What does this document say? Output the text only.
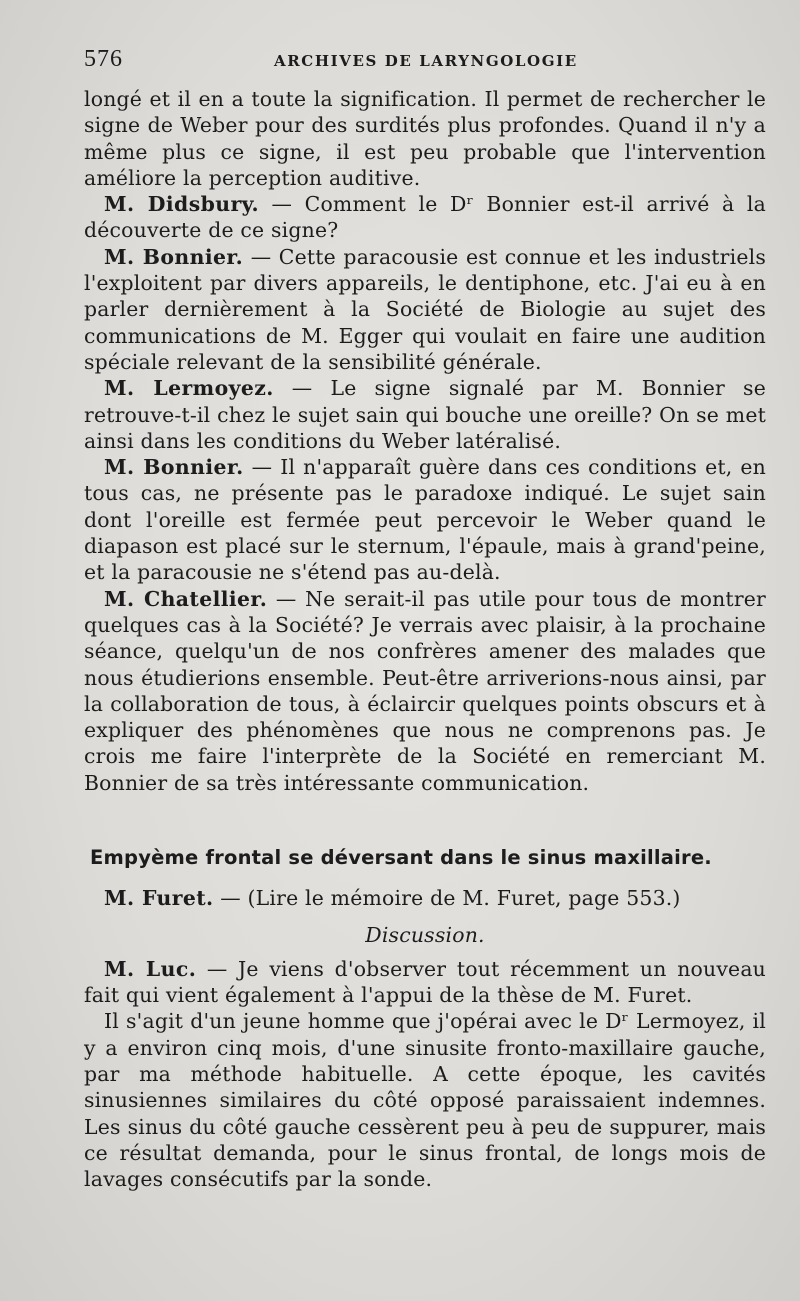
576	ARCHIVES DE LARYNGOLOGIE

longé et il en a toute la signification. Il permet de rechercher le signe de Weber pour des surdités plus profondes. Quand il n'y a même plus ce signe, il est peu probable que l'intervention améliore la perception auditive.

M. Didsbury. — Comment le Dʳ Bonnier est-il arrivé à la découverte de ce signe?

M. Bonnier. — Cette paracousie est connue et les industriels l'exploitent par divers appareils, le dentiphone, etc. J'ai eu à en parler dernièrement à la Société de Biologie au sujet des communications de M. Egger qui voulait en faire une audition spéciale relevant de la sensibilité générale.

M. Lermoyez. — Le signe signalé par M. Bonnier se retrouve-t-il chez le sujet sain qui bouche une oreille? On se met ainsi dans les conditions du Weber latéralisé.

M. Bonnier. — Il n'apparaît guère dans ces conditions et, en tous cas, ne présente pas le paradoxe indiqué. Le sujet sain dont l'oreille est fermée peut percevoir le Weber quand le diapason est placé sur le sternum, l'épaule, mais à grand'peine, et la paracousie ne s'étend pas au-delà.

M. Chatellier. — Ne serait-il pas utile pour tous de montrer quelques cas à la Société? Je verrais avec plaisir, à la prochaine séance, quelqu'un de nos confrères amener des malades que nous étudierions ensemble. Peut-être arriverions-nous ainsi, par la collaboration de tous, à éclaircir quelques points obscurs et à expliquer des phénomènes que nous ne comprenons pas. Je crois me faire l'interprète de la Société en remerciant M. Bonnier de sa très intéressante communication.

Empyème frontal se déversant dans le sinus maxillaire.

M. Furet. — (Lire le mémoire de M. Furet, page 553.)

Discussion.

M. Luc. — Je viens d'observer tout récemment un nouveau fait qui vient également à l'appui de la thèse de M. Furet.

Il s'agit d'un jeune homme que j'opérai avec le Dʳ Lermoyez, il y a environ cinq mois, d'une sinusite fronto-maxillaire gauche, par ma méthode habituelle. A cette époque, les cavités sinusiennes similaires du côté opposé paraissaient indemnes. Les sinus du côté gauche cessèrent peu à peu de suppurer, mais ce résultat demanda, pour le sinus frontal, de longs mois de lavages consécutifs par la sonde.
